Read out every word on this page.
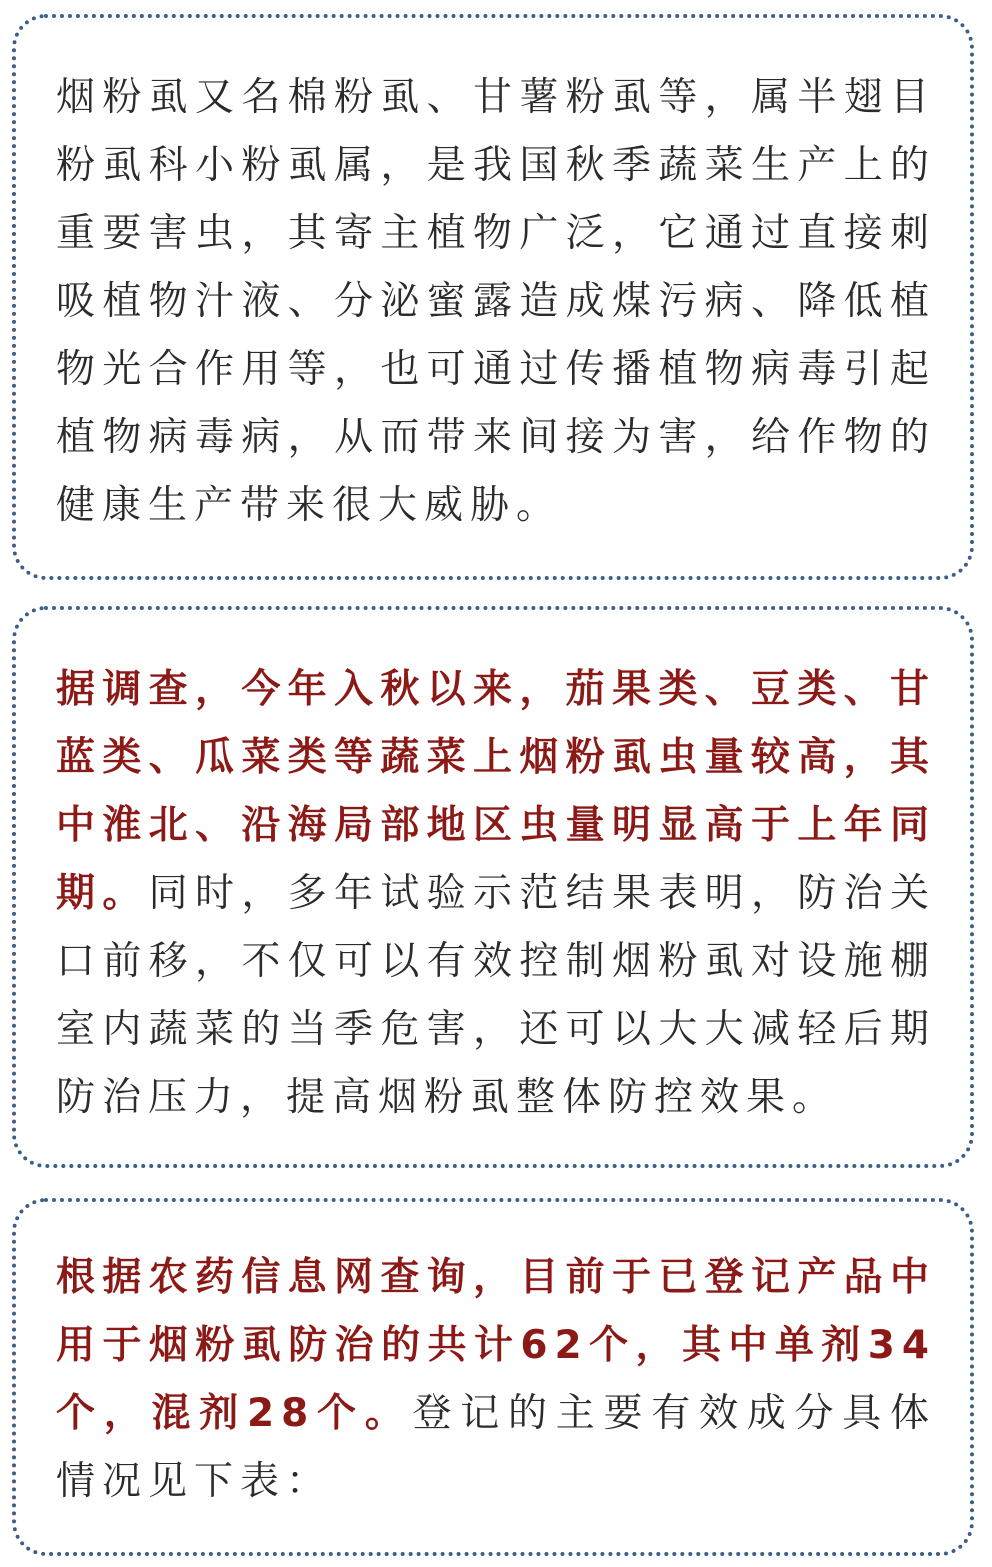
烟粉虱又名棉粉虱、甘薯粉虱等，属半翅目粉虱科小粉虱属，是我国秋季蔬菜生产上的重要害虫，其寄主植物广泛，它通过直接刺吸植物汁液、分泌蜜露造成煤污病、降低植物光合作用等，也可通过传播植物病毒引起植物病毒病，从而带来间接为害，给作物的健康生产带来很大威胁。

据调查，今年入秋以来，茄果类、豆类、甘蓝类、瓜菜类等蔬菜上烟粉虱虫量较高，其中淮北、沿海局部地区虫量明显高于上年同期。同时，多年试验示范结果表明，防治关口前移，不仅可以有效控制烟粉虱对设施棚室内蔬菜的当季危害，还可以大大减轻后期防治压力，提高烟粉虱整体防控效果。

根据农药信息网查询，目前于已登记产品中用于烟粉虱防治的共计62个，其中单剂34个，混剂28个。登记的主要有效成分具体情况见下表：
